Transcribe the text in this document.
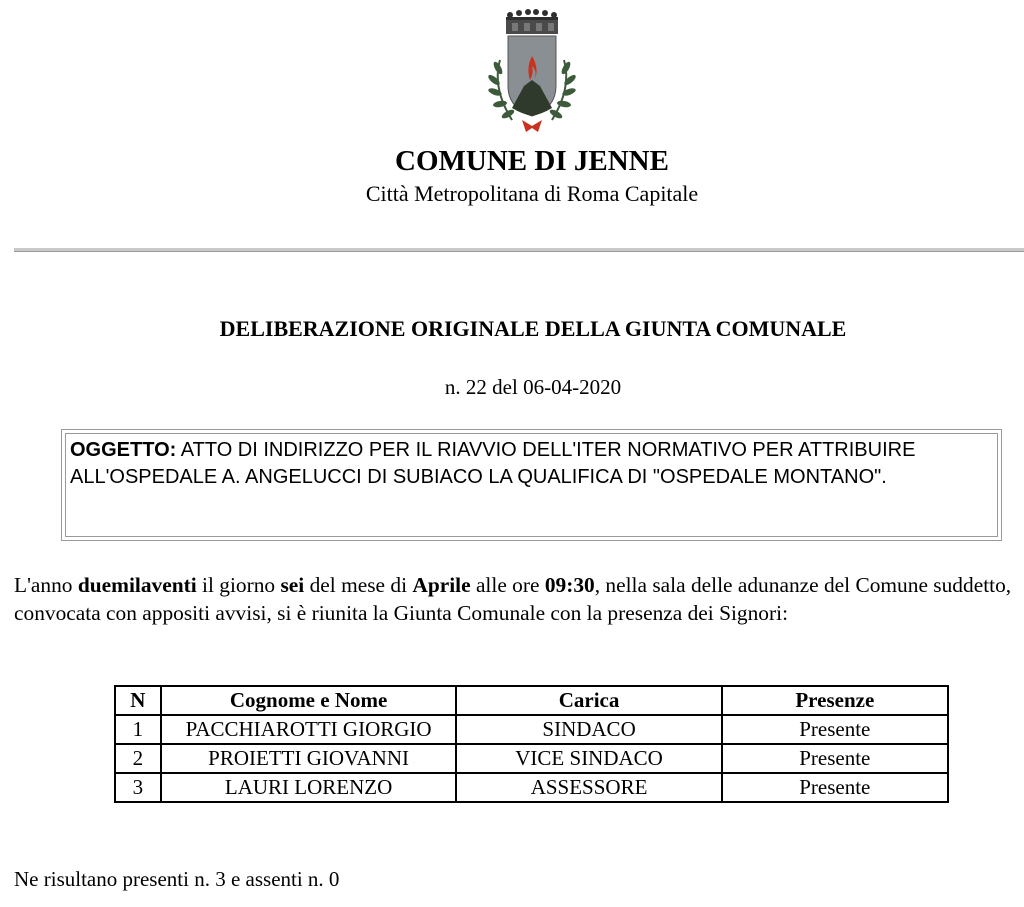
COMUNE DI JENNE
Città Metropolitana di Roma Capitale
DELIBERAZIONE ORIGINALE DELLA GIUNTA COMUNALE
n. 22 del 06-04-2020
OGGETTO: ATTO DI INDIRIZZO PER IL RIAVVIO DELL'ITER NORMATIVO PER ATTRIBUIRE ALL'OSPEDALE A. ANGELUCCI DI SUBIACO LA QUALIFICA DI "OSPEDALE MONTANO".
L'anno duemilaventi il giorno sei del mese di Aprile alle ore 09:30, nella sala delle adunanze del Comune suddetto, convocata con appositi avvisi, si è riunita la Giunta Comunale con la presenza dei Signori:
N	Cognome e Nome	Carica	Presenze
1	PACCHIAROTTI GIORGIO	SINDACO	Presente
2	PROIETTI GIOVANNI	VICE SINDACO	Presente
3	LAURI LORENZO	ASSESSORE	Presente
Ne risultano presenti n. 3 e assenti n. 0
